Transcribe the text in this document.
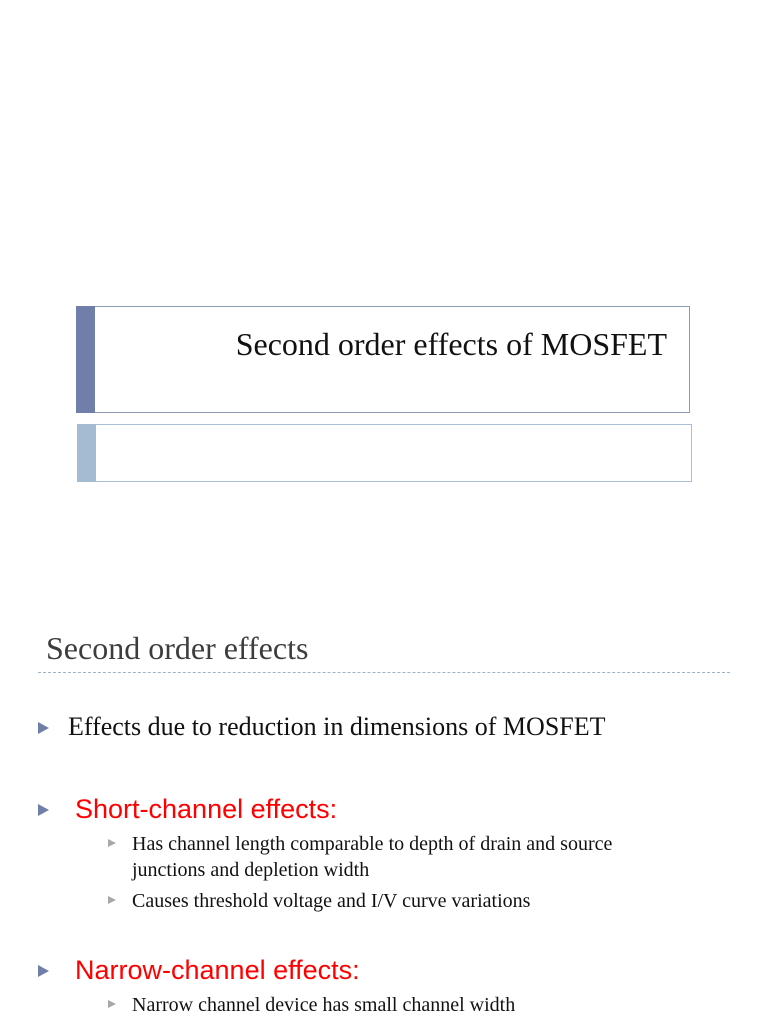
Second order effects of MOSFET
Second order effects
Effects due to reduction in dimensions of MOSFET
Short-channel effects:
Has channel length comparable to depth of drain and source junctions and depletion width
Causes threshold voltage and I/V curve variations
Narrow-channel effects:
Narrow channel device has small channel width
